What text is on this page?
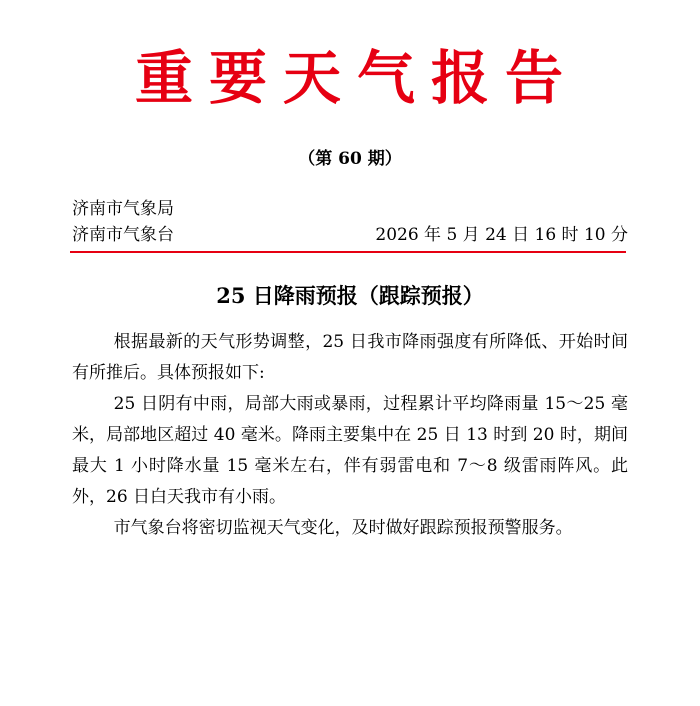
重要天气报告
（第 60 期）
济南市气象局
济南市气象台	2026 年 5 月 24 日 16 时 10 分
25 日降雨预报（跟踪预报）

根据最新的天气形势调整，25 日我市降雨强度有所降低、开始时间有所推后。具体预报如下:

25 日阴有中雨，局部大雨或暴雨，过程累计平均降雨量 15～25 毫米，局部地区超过 40 毫米。降雨主要集中在 25 日 13 时到 20 时，期间最大 1 小时降水量 15 毫米左右，伴有弱雷电和 7～8 级雷雨阵风。此外，26 日白天我市有小雨。

市气象台将密切监视天气变化，及时做好跟踪预报预警服务。
